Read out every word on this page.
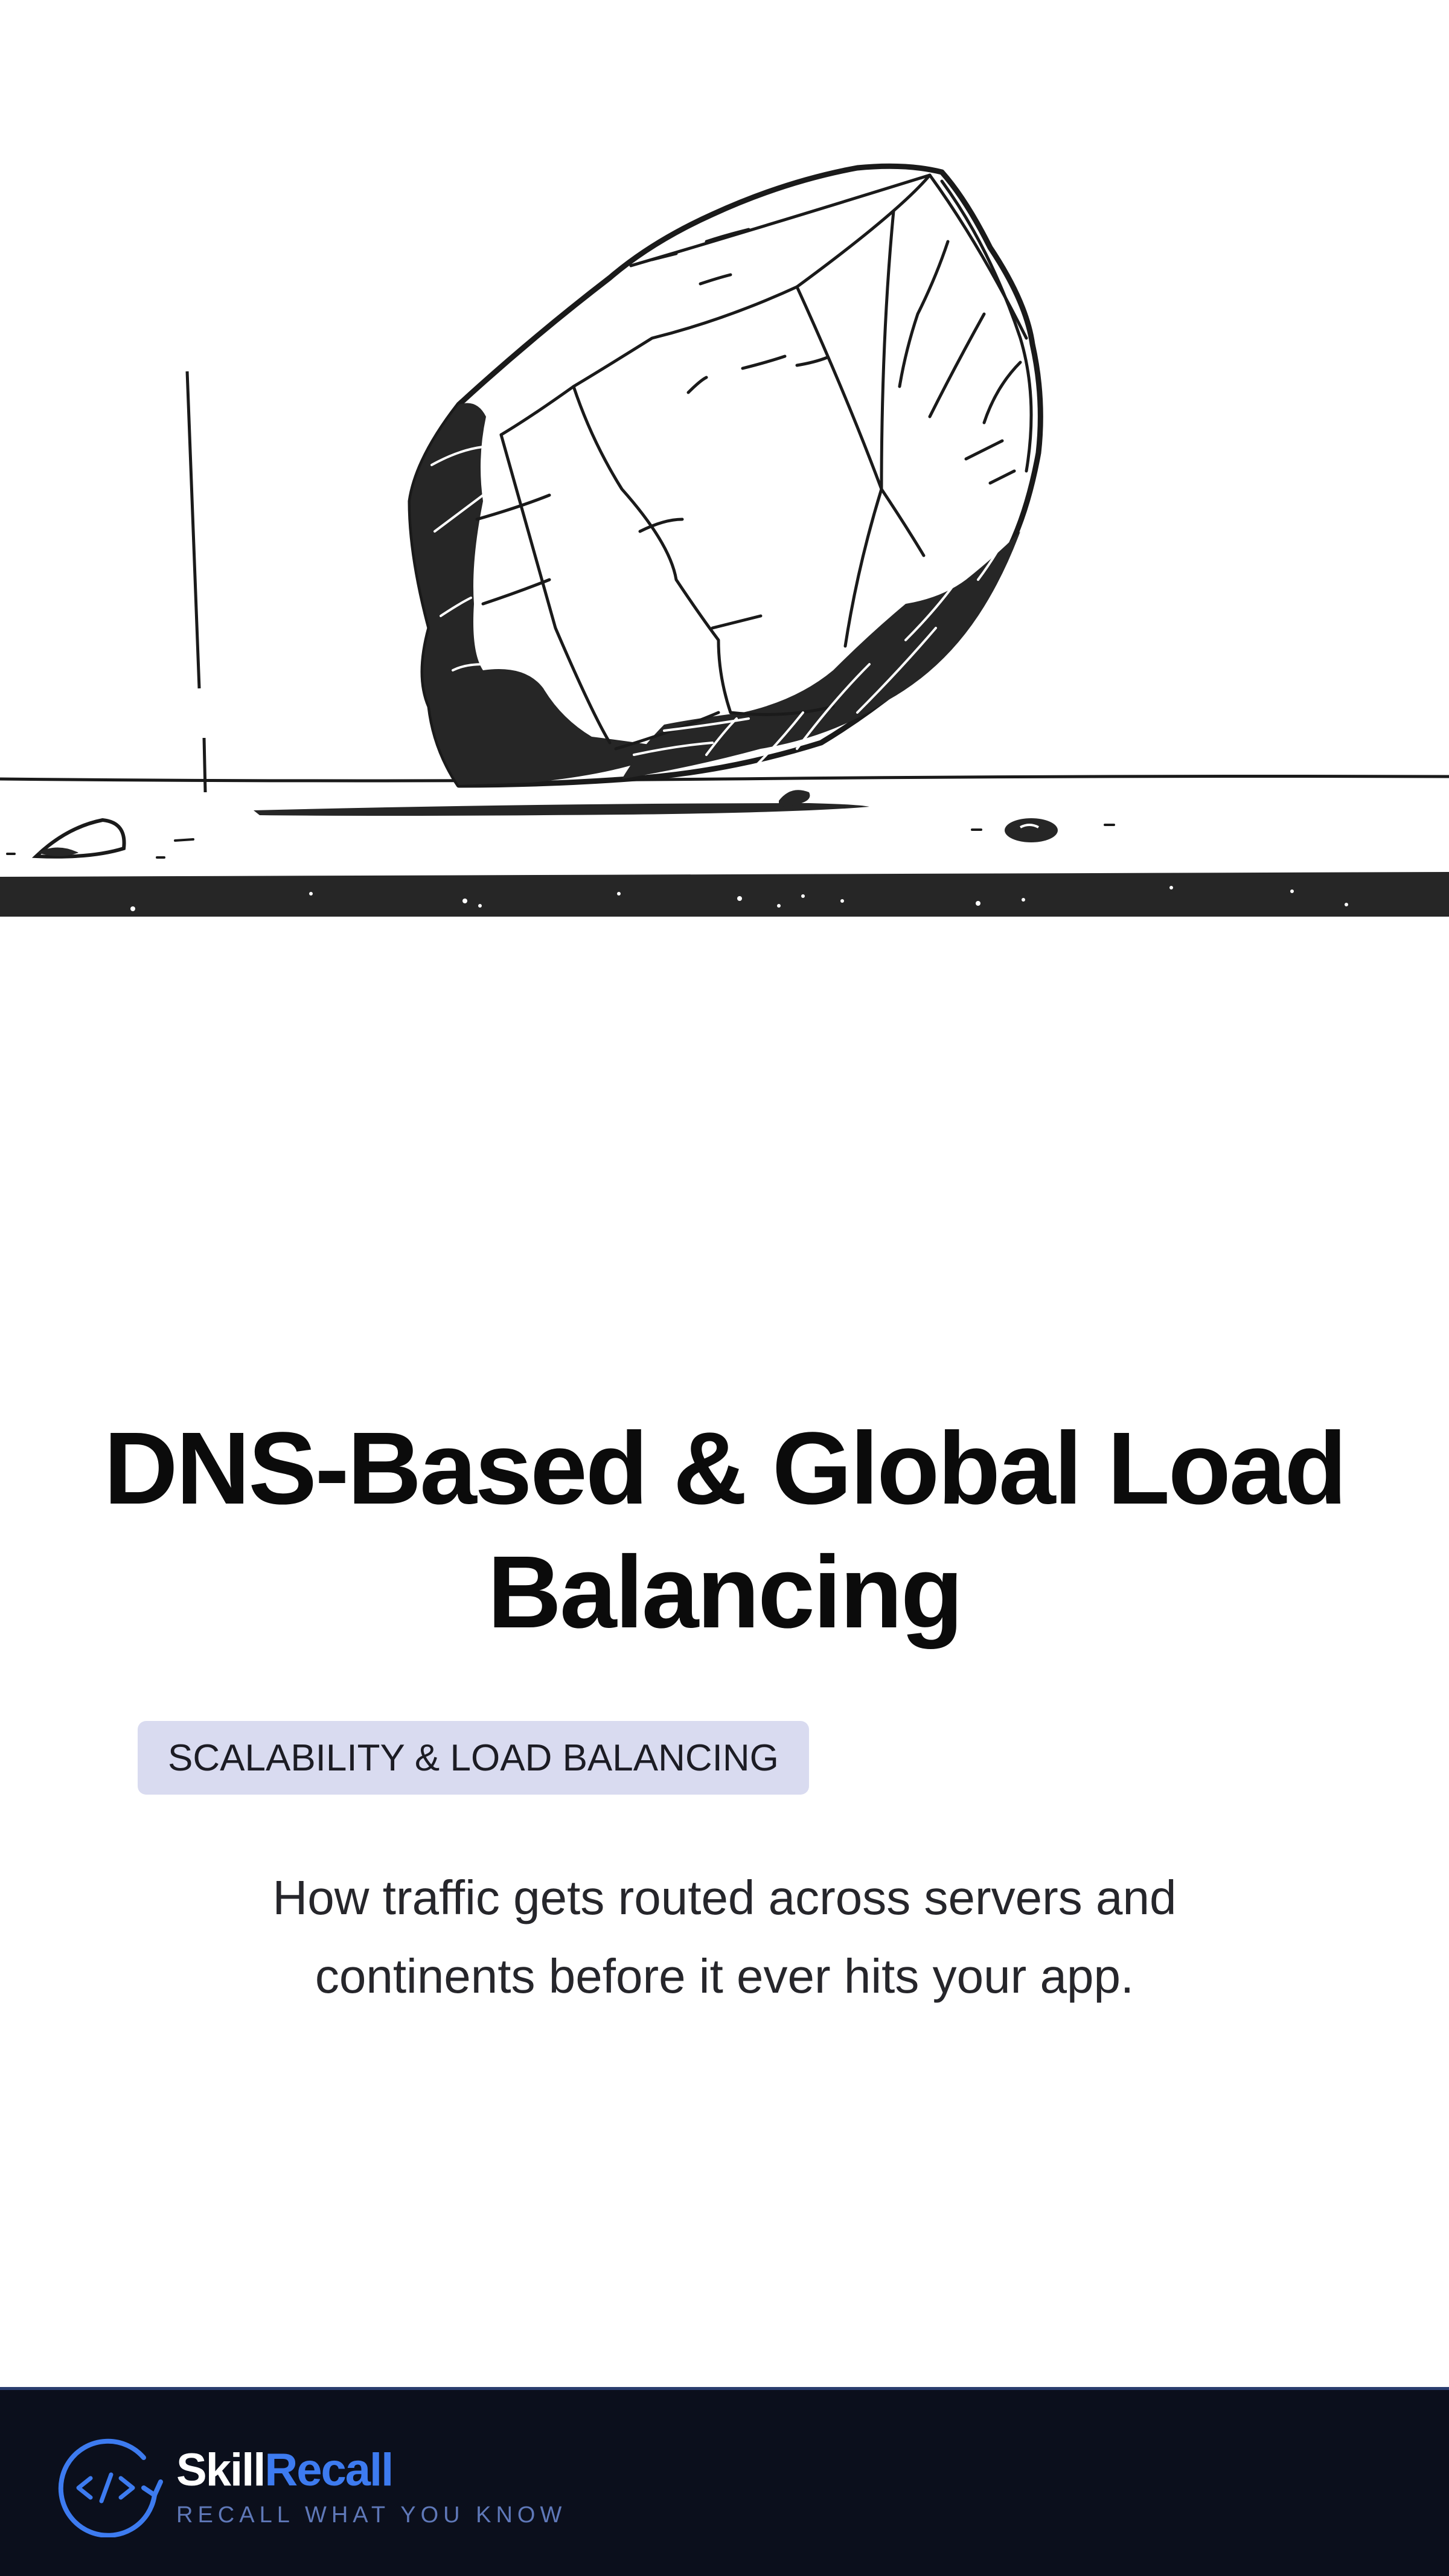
DNS-Based & Global Load Balancing
SCALABILITY & LOAD BALANCING

How traffic gets routed across servers and continents before it ever hits your app.

SkillRecall
RECALL WHAT YOU KNOW
